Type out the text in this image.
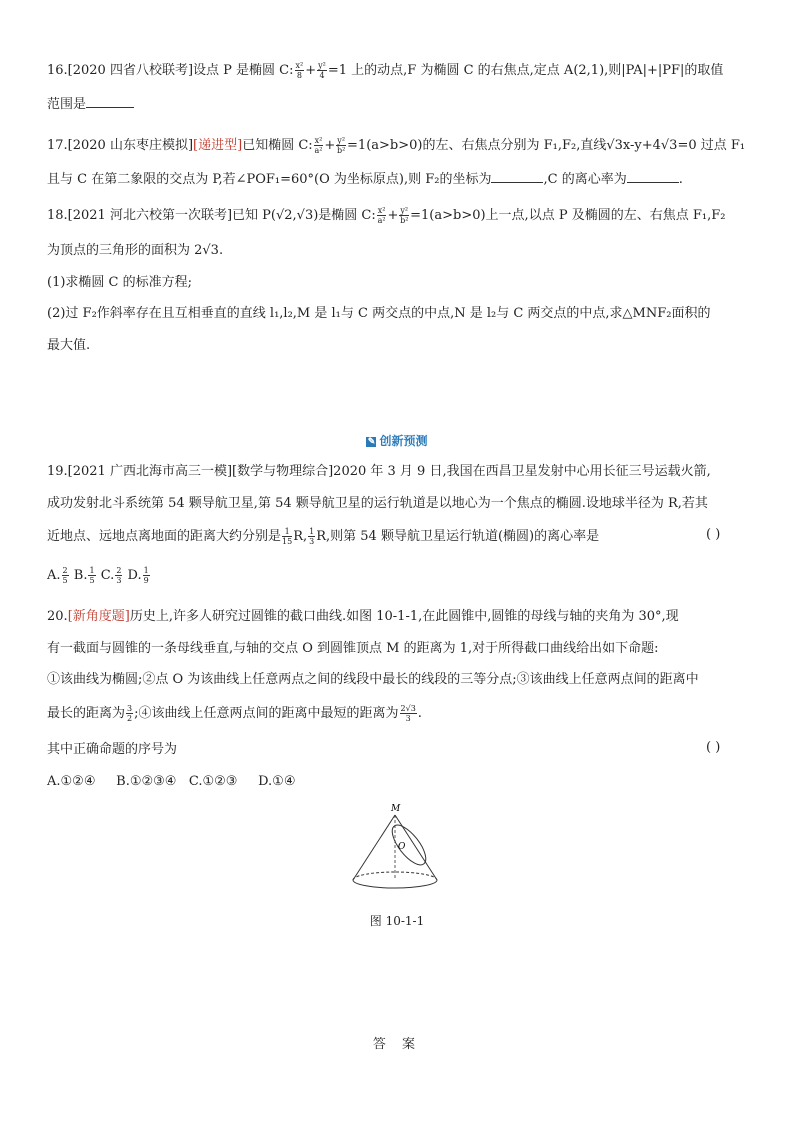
16.[2020 四省八校联考]设点 P 是椭圆 C: $\frac{\text{x²}}{8} + \frac{\text{y²}}{4} =1$ 上的动点,F 为椭圆 C 的右焦点,定点 A(2,1),则|PA|+|PF|的取值
范围是
17.[2020 山东枣庄模拟][递进型]已知椭圆 C: $\frac{\text{x²}}{\text{a²}} + \frac{\text{y²}}{\text{b²}} =1(a>b>0)$的左、右焦点分别为 F₁,F₂,直线√3x-y+4√3=0 过点 F₁
且与 C 在第二象限的交点为 P,若∠POF₁=60°(O 为坐标原点),则 F₂的坐标为	,C 的离心率为	.
18.[2021 河北六校第一次联考]已知 P(√2,√3)是椭圆 C: $\frac{\text{x²}}{\text{a²}} + \frac{\text{y²}}{\text{b²}} =1(a>b>0)$上一点,以点 P 及椭圆的左、右焦点 F₁,F₂
为顶点的三角形的面积为 2√3.
(1)求椭圆 C 的标准方程;
(2)过 F₂作斜率存在且互相垂直的直线 l₁,l₂,M 是 l₁与 C 两交点的中点,N 是 l₂与 C 两交点的中点,求△MNF₂面积的
最大值.
✎ 创新预测
19.[2021 广西北海市高三一模][数学与物理综合]2020 年 3 月 9 日,我国在西昌卫星发射中心用长征三号运载火箭,
成功发射北斗系统第 54 颗导航卫星,第 54 颗导航卫星的运行轨道是以地心为一个焦点的椭圆.设地球半径为 R,若其
近地点、远地点离地面的距离大约分别是 $\frac{1}{15} R$, $\frac{1}{3} R$,则第 54 颗导航卫星运行轨道(椭圆)的离心率是	( )
A. $\frac{2}{5} B$. $\frac{1}{5} C$. $\frac{2}{3} D$. $\frac{1}{9}$
20.[新角度题]历史上,许多人研究过圆锥的截口曲线.如图 10-1-1,在此圆锥中,圆锥的母线与轴的夹角为 30°,现
有一截面与圆锥的一条母线垂直,与轴的交点 O 到圆锥顶点 M 的距离为 1,对于所得截口曲线给出如下命题:
①该曲线为椭圆;②点 O 为该曲线上任意两点之间的线段中最长的线段的三等分点;③该曲线上任意两点间的距离中
最长的距离为 $\frac{3}{2}$ ;④该曲线上任意两点间的距离中最短的距离为 $\frac{2√3}{3}$ .
其中正确命题的序号为	( )
A.①②④     B.①②③④   C.①②③     D.①④
M
O
图 10-1-1
答 案
